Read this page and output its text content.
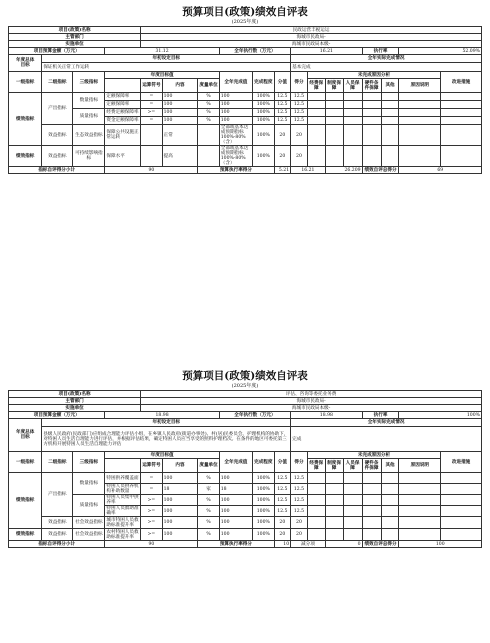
预算项目(政策)绩效自评表
(2025年度)
项目(政策)名称				民政运营丰税运运													
主管部门				海城市民政局-													
实施单位				海城市民政局本级-													
项目预算金额（万元）			31.12				全年执行数（万元）			16.21				执行率		52.09%	

年度总体
目标	年初设定目标									全年实际完成情况							
	保证机关正常工作运转									基本完成							
一级指标	二级指标	三级指标	年度目标值				全年完成值	完成程度	分值	得分	未完成原因分析						改进措施
				运算符号	内容	度量单位					经费保障	制度保障	人员保障	硬件条件保障	其他	原因说明	
绩效指标	产出指标	数量指标	定额保障率	=	100	%	100	100%	12.5	12.5							
			定额保障率	=	100	%	100	100%	12.5	12.5							
		质量指标	经费定额保障率	>=	100	%	100	100%	12.5	12.5							
			资金定额保障率	=	100	%	100	100%	12.5	12.5							
	效益指标	生态效益指标	保障公共设施正常运转		正常		全部或基本达成预期指标100%-80%（含）	100%	20	20							
绩效指标	效益指标	可持续影响指标	保障水平		提高		全部或基本达成预期指标100%-80%（含）	100%	20	20							
指标自评得分小计			90			预算执行率得分			5.21	16.21		26.209		绩效自评总得分		69	
预算项目(政策)绩效自评表
(2025年度)
项目(政策)名称				评估、咨询等委托业务费													
主管部门				海城市民政局-													
实施单位				海城市民政局本级-													
项目预算金额（万元）			18.98				全年执行数（万元）			18.98				执行率		100%	

年度总体
目标	年初设定目标									全年实际完成情况							
	县级人民政府(民政部门)应组成合理能力评估小组，在乡镇人民政府(街道办事处)、村(居)民委员会、护理机构的协助下，对特困人员生活自理能力进行评估，并根据评估结果，确定特困人员应当享受的照料护理档次。在条件的地区可委托第三方机构开展特困人员生活自理能力评估									完成							
一级指标	二级指标	三级指标	年度目标值				全年完成值	完成程度	分值	得分	未完成原因分析						改进措施
				运算符号	内容	度量单位					经费保障	制度保障	人员保障	硬件条件保障	其他	原因说明	
绩效指标	产出指标	数量指标	特困供养覆盖面	=	100	%	100	100%	12.5	12.5							
			特困人员供养机构补助数量	=	18	家	18	100%	12.5	12.5							
		质量指标	特困人员集中供养率	>=	100	%	100	100%	12.5	12.5							
			特困人员救助准确率	>=	100	%	100	100%	12.5	12.5							
	效益指标	社会效益指标	城市特困人员救助标准提升率	>=	100	%	100	100%	20	20							
绩效指标	效益指标	社会效益指标	农村特困人员救助标准提升率	>=	100	%	100	100%	20	20							
指标自评得分小计			90			预算执行率得分			10	减分项		0		绩效自评总得分		100	
